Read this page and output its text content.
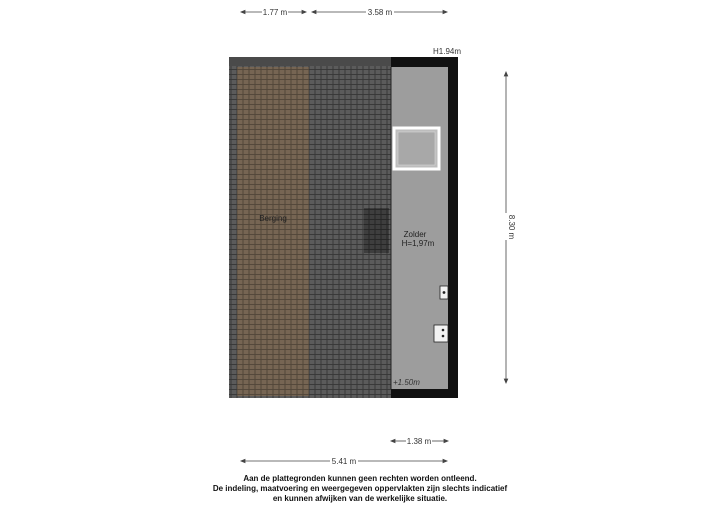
Berging
Zolder
H=1,97m
H1.94m
+1.50m
1.77 m	3.58 m
8.30 m
1.38 m
5.41 m
Aan de plattegronden kunnen geen rechten worden ontleend.
De indeling, maatvoering en weergegeven oppervlakten zijn slechts indicatief
en kunnen afwijken van de werkelijke situatie.
